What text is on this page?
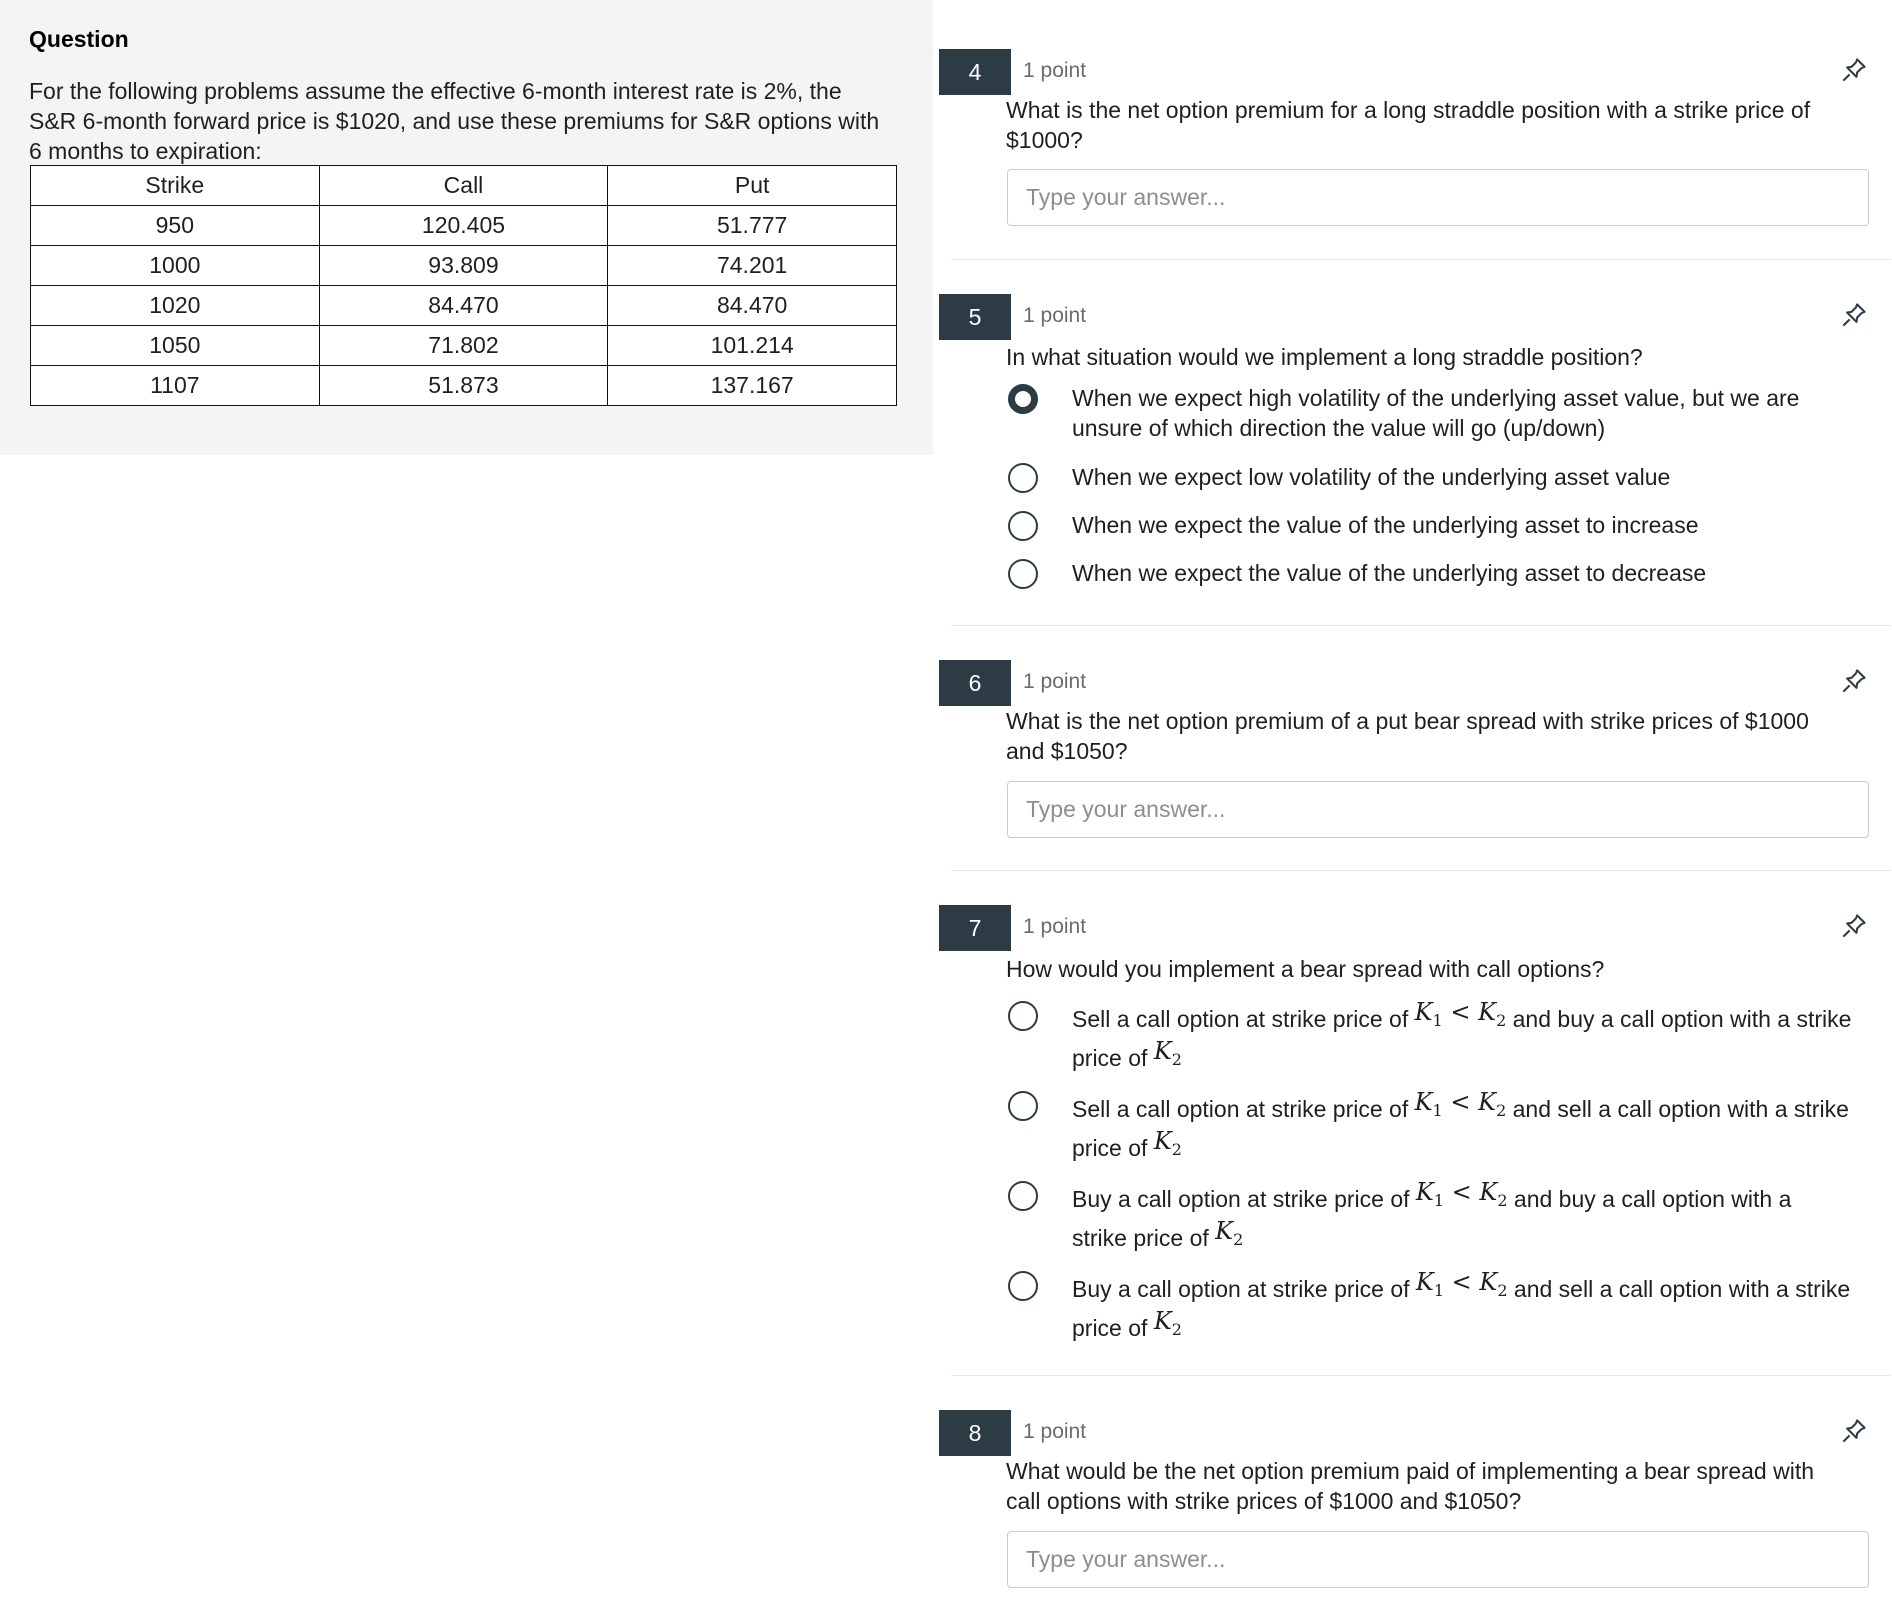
Question
For the following problems assume the effective 6-month interest rate is 2%, the S&R 6-month forward price is $1020, and use these premiums for S&R options with 6 months to expiration:
Strike	Call	Put
950	120.405	51.777
1000	93.809	74.201
1020	84.470	84.470
1050	71.802	101.214
1107	51.873	137.167
4	1 point
What is the net option premium for a long straddle position with a strike price of $1000?
Type your answer...
5	1 point
In what situation would we implement a long straddle position?
When we expect high volatility of the underlying asset value, but we are unsure of which direction the value will go (up/down)
When we expect low volatility of the underlying asset value
When we expect the value of the underlying asset to increase
When we expect the value of the underlying asset to decrease
6	1 point
What is the net option premium of a put bear spread with strike prices of $1000 and $1050?
Type your answer...
7	1 point
How would you implement a bear spread with call options?
Sell a call option at strike price of $K_1 < K_2$ and buy a call option with a strike price of $K_2$
Sell a call option at strike price of $K_1 < K_2$ and sell a call option with a strike price of $K_2$
Buy a call option at strike price of $K_1 < K_2$ and buy a call option with a strike price of $K_2$
Buy a call option at strike price of $K_1 < K_2$ and sell a call option with a strike price of $K_2$
8	1 point
What would be the net option premium paid of implementing a bear spread with call options with strike prices of $1000 and $1050?
Type your answer...
